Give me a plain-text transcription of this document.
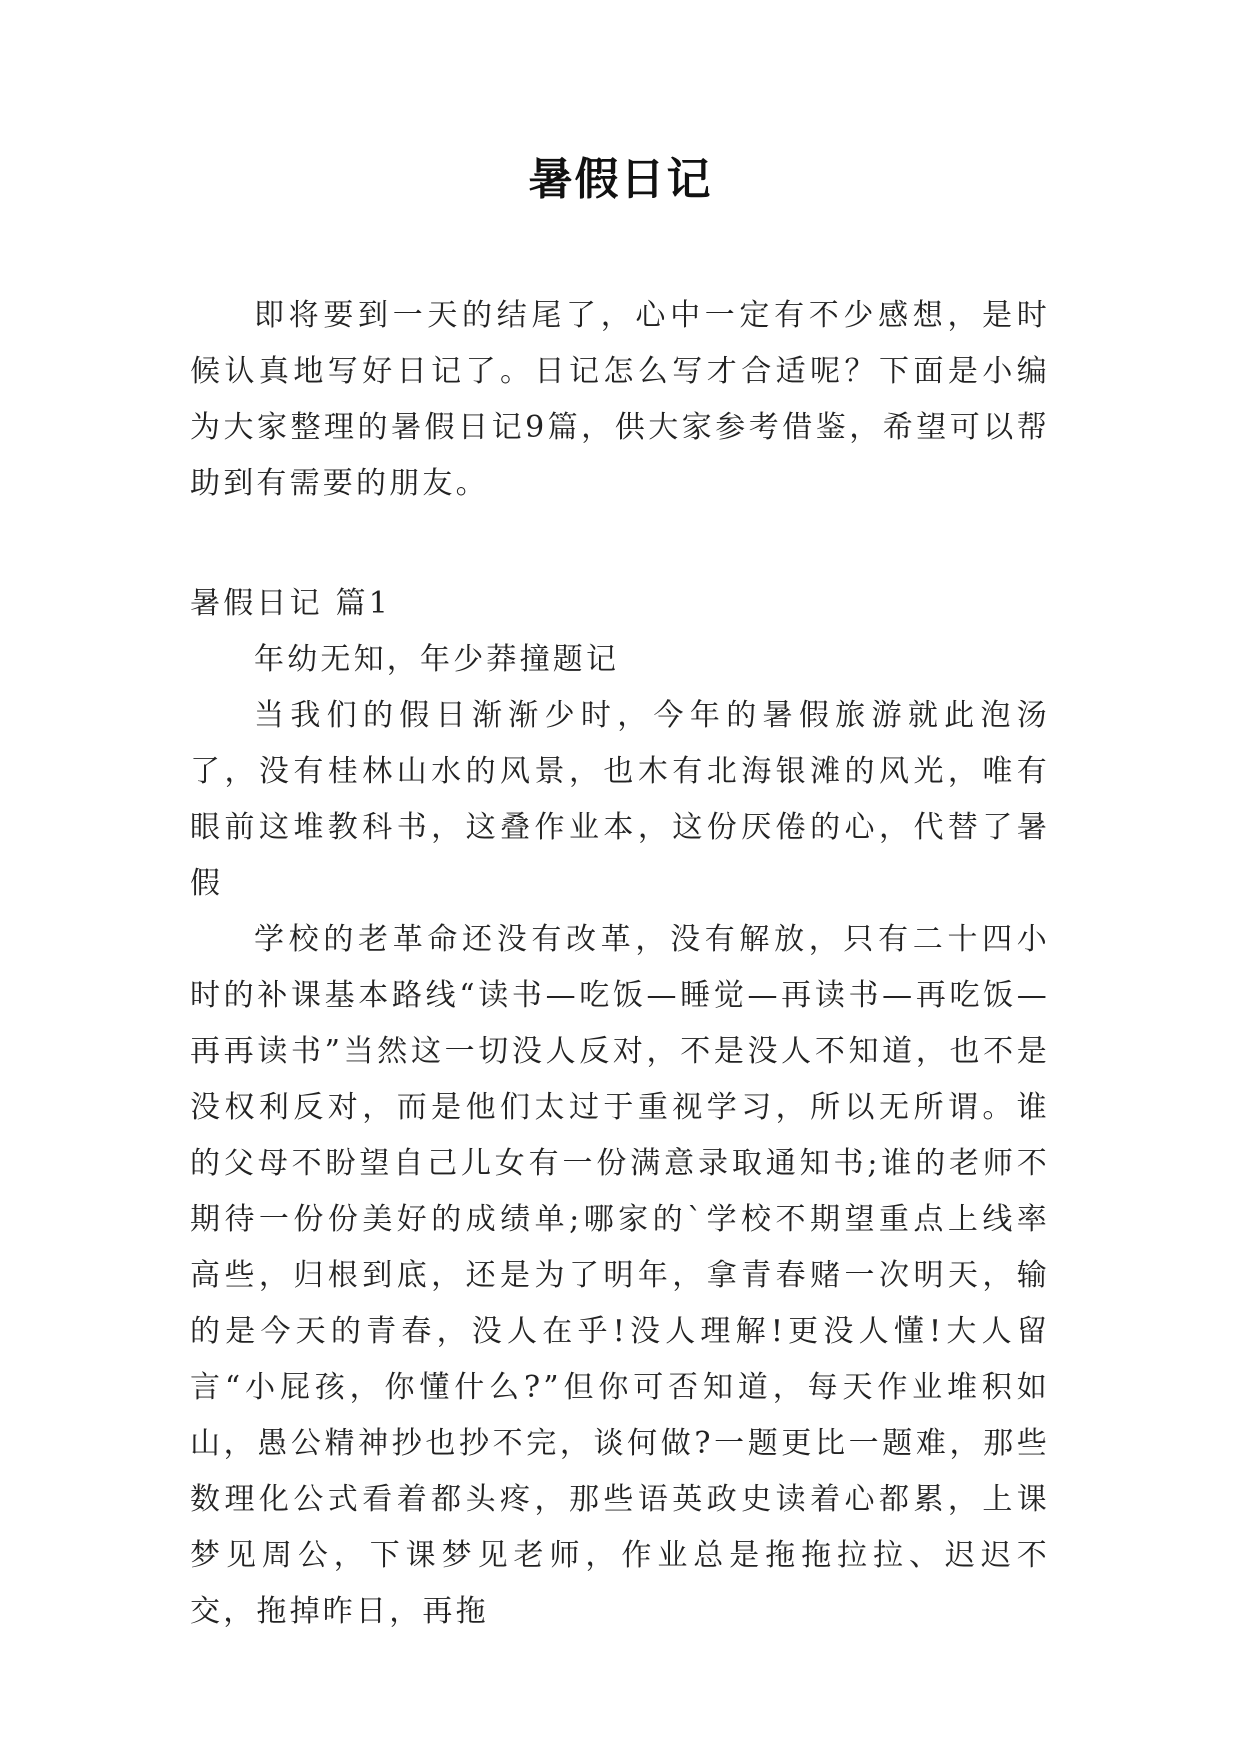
暑假日记

即将要到一天的结尾了，心中一定有不少感想，是时候认真地写好日记了。日记怎么写才合适呢？下面是小编为大家整理的暑假日记9篇，供大家参考借鉴，希望可以帮助到有需要的朋友。

暑假日记 篇1

年幼无知，年少莽撞题记

当我们的假日渐渐少时，今年的暑假旅游就此泡汤了，没有桂林山水的风景，也木有北海银滩的风光，唯有眼前这堆教科书，这叠作业本，这份厌倦的心，代替了暑假

学校的老革命还没有改革，没有解放，只有二十四小时的补课基本路线“读书—吃饭—睡觉—再读书—再吃饭—再再读书”当然这一切没人反对，不是没人不知道，也不是没权利反对，而是他们太过于重视学习，所以无所谓。谁的父母不盼望自己儿女有一份满意录取通知书;谁的老师不期待一份份美好的成绩单;哪家的`学校不期望重点上线率高些，归根到底，还是为了明年，拿青春赌一次明天，输的是今天的青春，没人在乎!没人理解!更没人懂!大人留言“小屁孩，你懂什么?”但你可否知道，每天作业堆积如山，愚公精神抄也抄不完，谈何做?一题更比一题难，那些数理化公式看着都头疼，那些语英政史读着心都累，上课梦见周公，下课梦见老师，作业总是拖拖拉拉、迟迟不交，拖掉昨日，再拖
